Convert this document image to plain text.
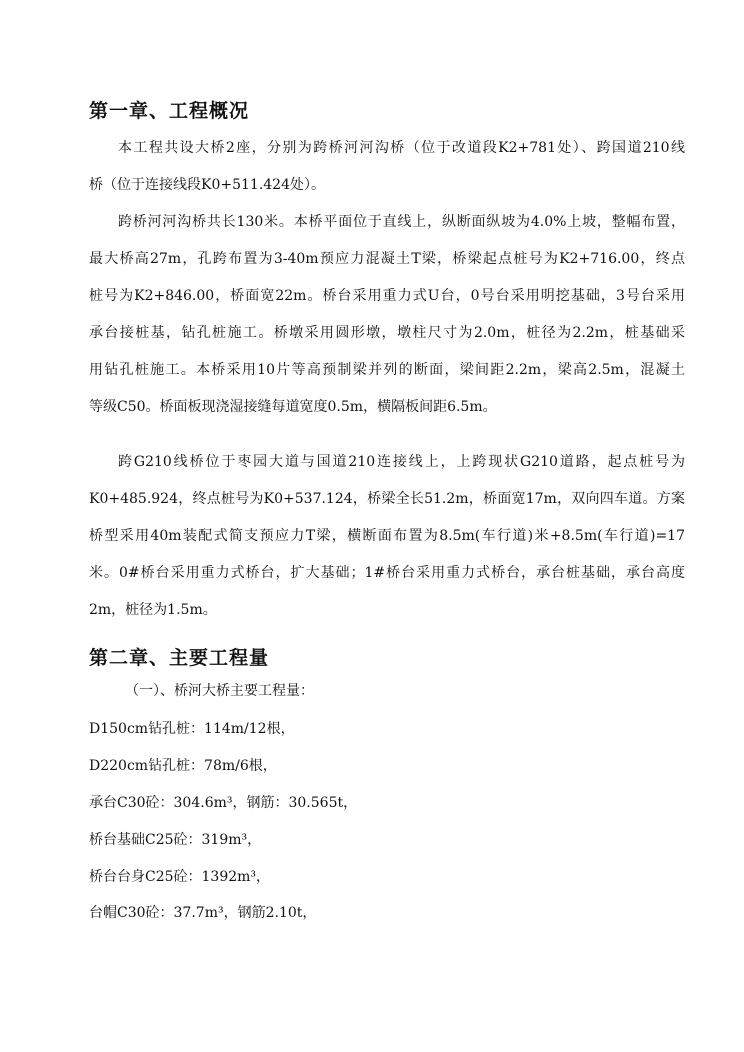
第一章、工程概况
本工程共设大桥2座，分别为跨桥河河沟桥（位于改道段K2+781处）、跨国道210线
桥（位于连接线段K0+511.424处）。
跨桥河河沟桥共长130米。本桥平面位于直线上，纵断面纵坡为4.0%上坡，整幅布置，
最大桥高27m，孔跨布置为3-40m预应力混凝土T梁，桥梁起点桩号为K2+716.00，终点
桩号为K2+846.00，桥面宽22m。桥台采用重力式U台，0号台采用明挖基础，3号台采用
承台接桩基，钻孔桩施工。桥墩采用圆形墩，墩柱尺寸为2.0m，桩径为2.2m，桩基础采
用钻孔桩施工。本桥采用10片等高预制梁并列的断面，梁间距2.2m，梁高2.5m，混凝土
等级C50。桥面板现浇湿接缝每道宽度0.5m，横隔板间距6.5m。
跨G210线桥位于枣园大道与国道210连接线上，上跨现状G210道路，起点桩号为
K0+485.924，终点桩号为K0+537.124，桥梁全长51.2m，桥面宽17m，双向四车道。方案
桥型采用40m装配式简支预应力T梁，横断面布置为8.5m(车行道)米+8.5m(车行道)=17
米。0#桥台采用重力式桥台，扩大基础；1#桥台采用重力式桥台，承台桩基础，承台高度
2m，桩径为1.5m。
第二章、主要工程量
（一）、桥河大桥主要工程量：
D150cm钻孔桩：114m/12根，
D220cm钻孔桩：78m/6根，
承台C30砼：304.6m³，钢筋：30.565t，
桥台基础C25砼：319m³，
桥台台身C25砼：1392m³，
台帽C30砼：37.7m³，钢筋2.10t，
